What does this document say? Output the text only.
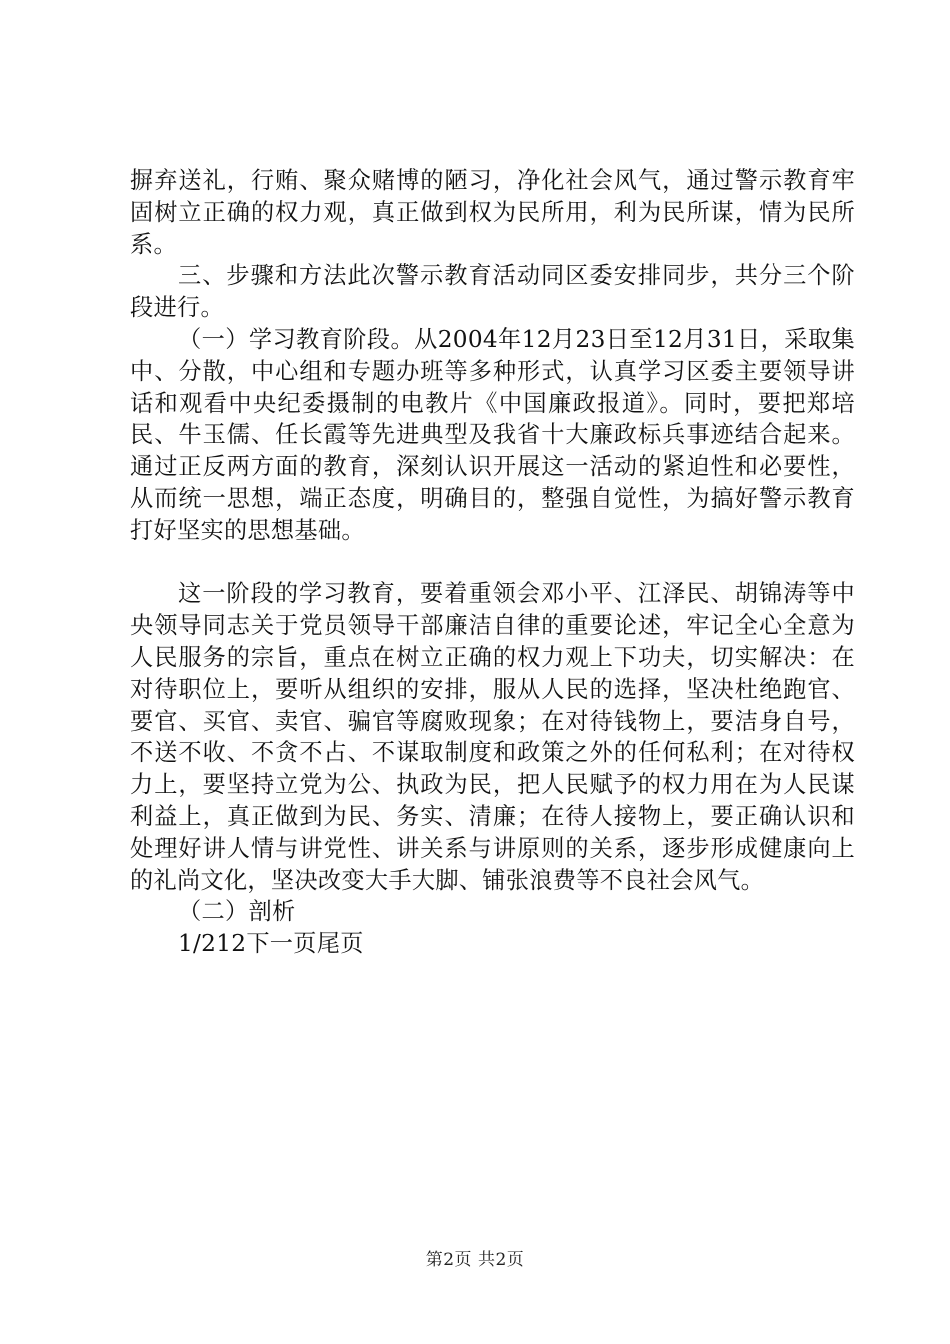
摒弃送礼，行贿、聚众赌博的陋习，净化社会风气，通过警示教育牢固树立正确的权力观，真正做到权为民所用，利为民所谋，情为民所系。

三、步骤和方法此次警示教育活动同区委安排同步，共分三个阶段进行。

（一）学习教育阶段。从2004年12月23日至12月31日，采取集中、分散，中心组和专题办班等多种形式，认真学习区委主要领导讲话和观看中央纪委摄制的电教片《中国廉政报道》。同时，要把郑培民、牛玉儒、任长霞等先进典型及我省十大廉政标兵事迹结合起来。通过正反两方面的教育，深刻认识开展这一活动的紧迫性和必要性，从而统一思想，端正态度，明确目的，整强自觉性，为搞好警示教育打好坚实的思想基础。

这一阶段的学习教育，要着重领会邓小平、江泽民、胡锦涛等中央领导同志关于党员领导干部廉洁自律的重要论述，牢记全心全意为人民服务的宗旨，重点在树立正确的权力观上下功夫，切实解决：在对待职位上，要听从组织的安排，服从人民的选择，坚决杜绝跑官、要官、买官、卖官、骗官等腐败现象；在对待钱物上，要洁身自号，不送不收、不贪不占、不谋取制度和政策之外的任何私利；在对待权力上，要坚持立党为公、执政为民，把人民赋予的权力用在为人民谋利益上，真正做到为民、务实、清廉；在待人接物上，要正确认识和处理好讲人情与讲党性、讲关系与讲原则的关系，逐步形成健康向上的礼尚文化，坚决改变大手大脚、铺张浪费等不良社会风气。

（二）剖析

1/212下一页尾页

第2页 共2页
